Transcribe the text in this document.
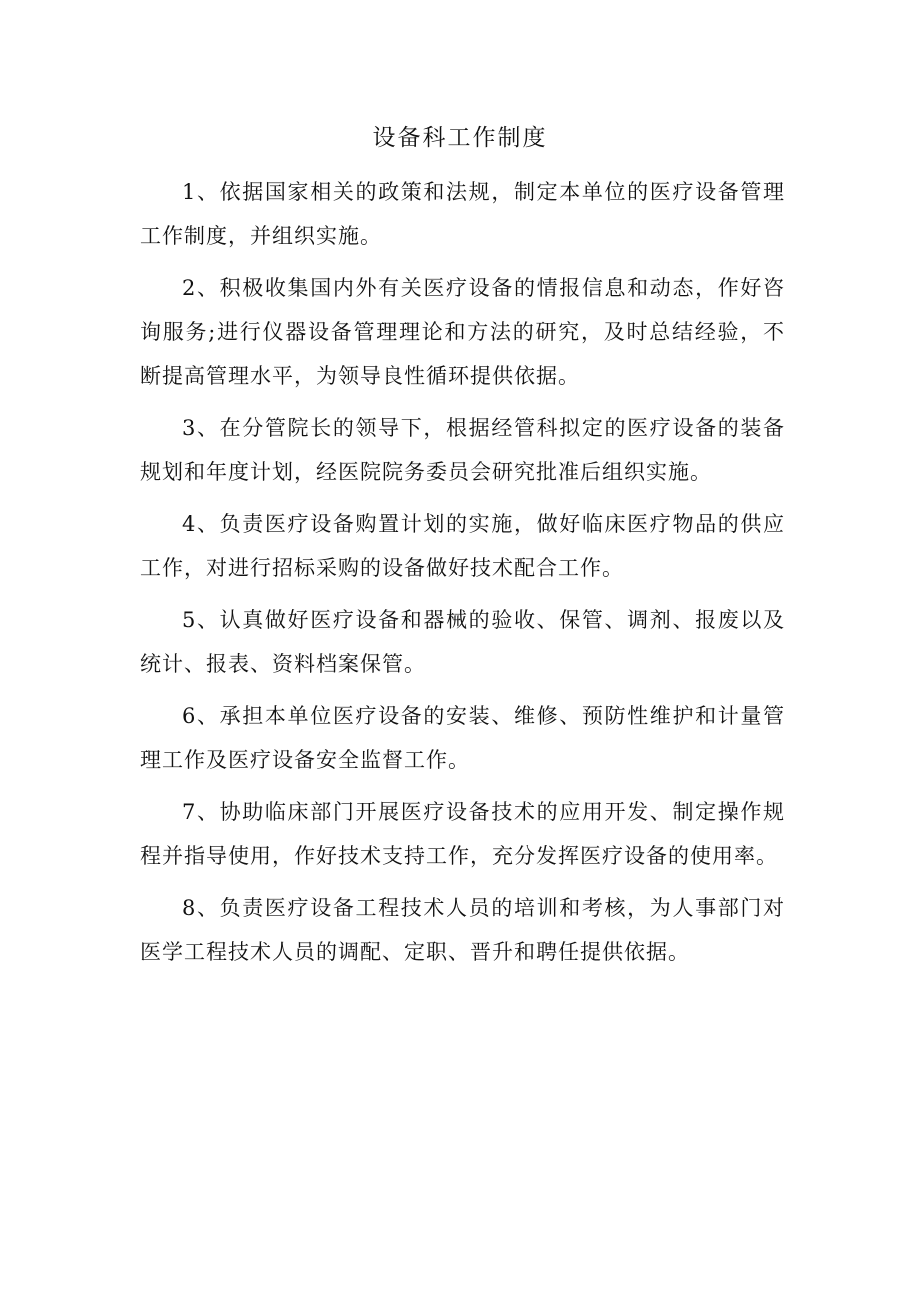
设备科工作制度

1、依据国家相关的政策和法规，制定本单位的医疗设备管理工作制度，并组织实施。

2、积极收集国内外有关医疗设备的情报信息和动态，作好咨询服务;进行仪器设备管理理论和方法的研究，及时总结经验，不断提高管理水平，为领导良性循环提供依据。

3、在分管院长的领导下，根据经管科拟定的医疗设备的装备规划和年度计划，经医院院务委员会研究批准后组织实施。

4、负责医疗设备购置计划的实施，做好临床医疗物品的供应工作，对进行招标采购的设备做好技术配合工作。

5、认真做好医疗设备和器械的验收、保管、调剂、报废以及统计、报表、资料档案保管。

6、承担本单位医疗设备的安装、维修、预防性维护和计量管理工作及医疗设备安全监督工作。

7、协助临床部门开展医疗设备技术的应用开发、制定操作规程并指导使用，作好技术支持工作，充分发挥医疗设备的使用率。

8、负责医疗设备工程技术人员的培训和考核，为人事部门对医学工程技术人员的调配、定职、晋升和聘任提供依据。
